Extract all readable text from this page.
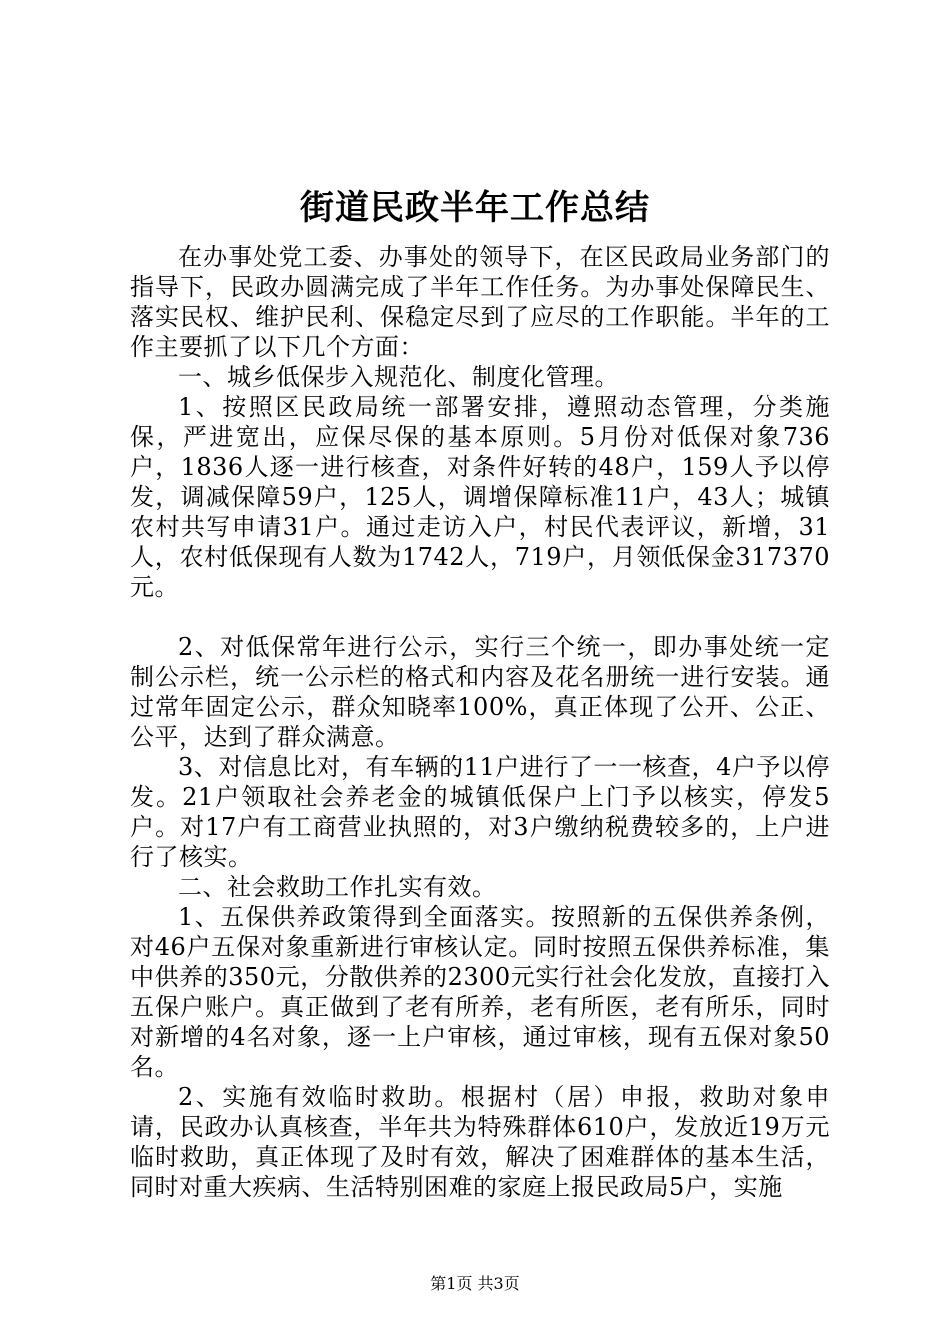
街道民政半年工作总结

在办事处党工委、办事处的领导下，在区民政局业务部门的指导下，民政办圆满完成了半年工作任务。为办事处保障民生、落实民权、维护民利、保稳定尽到了应尽的工作职能。半年的工作主要抓了以下几个方面：

一、城乡低保步入规范化、制度化管理。

1、按照区民政局统一部署安排，遵照动态管理，分类施保，严进宽出，应保尽保的基本原则。5月份对低保对象736户，1836人逐一进行核查，对条件好转的48户，159人予以停发，调减保障59户，125人，调增保障标准11户，43人；城镇农村共写申请31户。通过走访入户，村民代表评议，新增，31人，农村低保现有人数为1742人，719户，月领低保金317370元。

2、对低保常年进行公示，实行三个统一，即办事处统一定制公示栏，统一公示栏的格式和内容及花名册统一进行安装。通过常年固定公示，群众知晓率100%，真正体现了公开、公正、公平，达到了群众满意。

3、对信息比对，有车辆的11户进行了一一核查，4户予以停发。21户领取社会养老金的城镇低保户上门予以核实，停发5户。对17户有工商营业执照的，对3户缴纳税费较多的，上户进行了核实。

二、社会救助工作扎实有效。

1、五保供养政策得到全面落实。按照新的五保供养条例，对46户五保对象重新进行审核认定。同时按照五保供养标准，集中供养的350元，分散供养的2300元实行社会化发放，直接打入五保户账户。真正做到了老有所养，老有所医，老有所乐，同时对新增的4名对象，逐一上户审核，通过审核，现有五保对象50名。

2、实施有效临时救助。根据村（居）申报，救助对象申请，民政办认真核查，半年共为特殊群体610户，发放近19万元临时救助，真正体现了及时有效，解决了困难群体的基本生活，同时对重大疾病、生活特别困难的家庭上报民政局5户，实施

第1页 共3页
